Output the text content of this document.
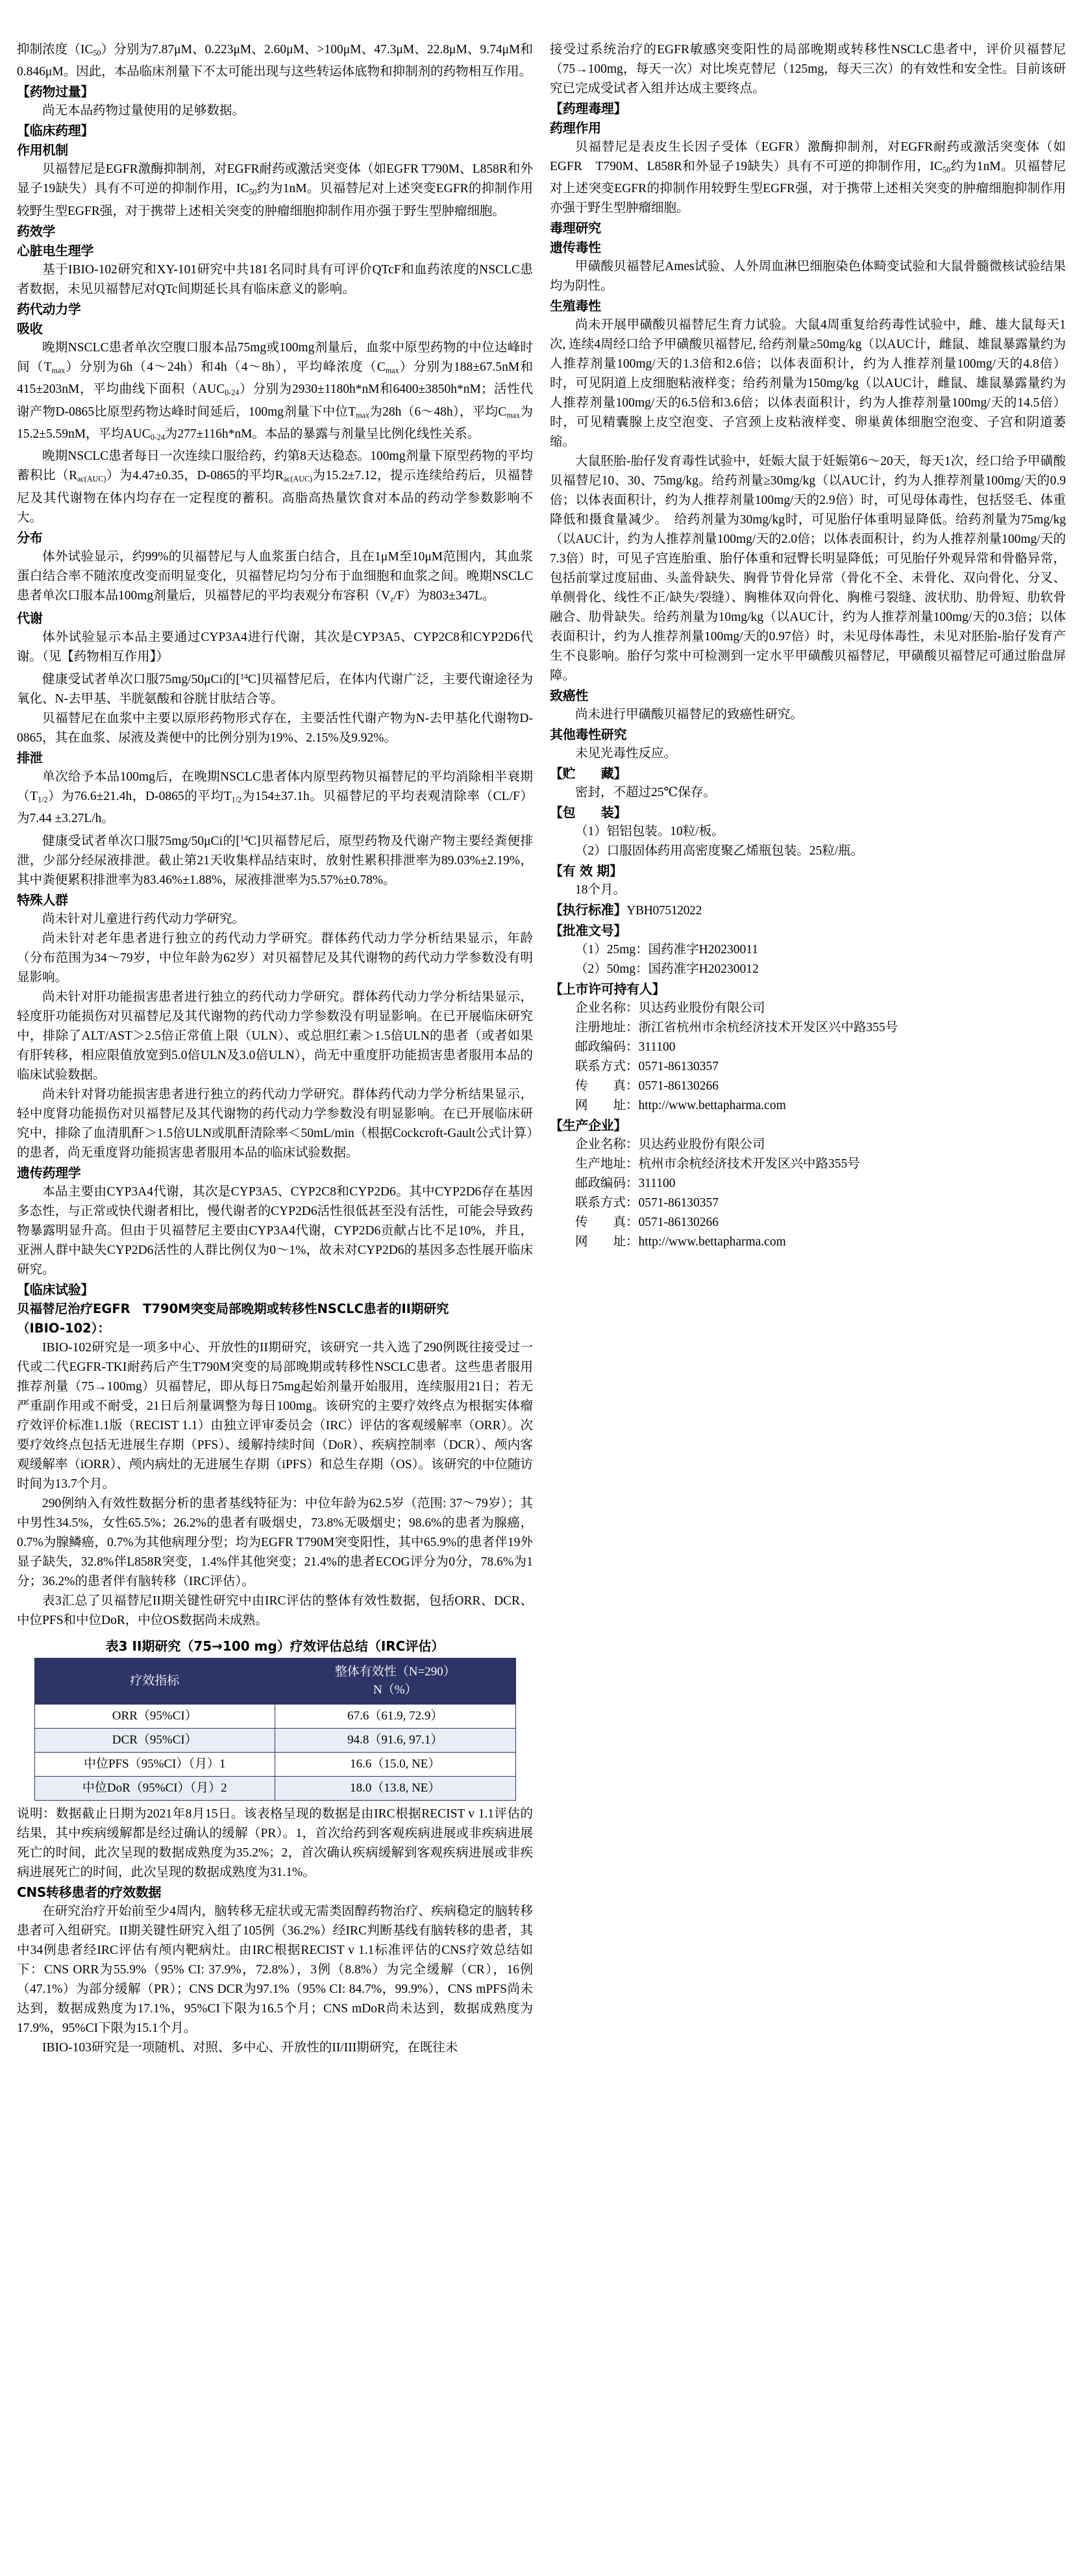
抑制浓度$(IC_{50})$分别为7.87μM、0.223μM、2.60μM、>100μM、47.3μM、22.8μM、9.74μM和0.846μM。因此，本品临床剂量下不太可能出现与这些转运体底物和抑制剂的药物相互作用。

【药物过量】

尚无本品药物过量使用的足够数据。

【临床药理】
作用机制

贝福替尼是EGFR激酶抑制剂，对EGFR耐药或激活突变体（如EGFR T790M、L858R和外显子19缺失）具有不可逆的抑制作用，$IC_{50}$约为1nM。贝福替尼对上述突变EGFR的抑制作用较野生型EGFR强，对于携带上述相关突变的肿瘤细胞抑制作用亦强于野生型肿瘤细胞。

药效学
心脏电生理学

基于IBIO-102研究和XY-101研究中共181名同时具有可评价QTcF和血药浓度的NSCLC患者数据，未见贝福替尼对QTc间期延长具有临床意义的影响。

药代动力学
吸收

晚期NSCLC患者单次空腹口服本品75mg或100mg剂量后，血浆中原型药物的中位达峰时间$(T_{max})$分别为6h（4～24h）和4h（4～8h），平均峰浓度$(C_{max})$分别为188±67.5nM和415±203nM，平均曲线下面积$(AUC_{0-24})$分别为2930±1180h*nM和6400±3850h*nM；活性代谢产物D-0865比原型药物达峰时间延后，100mg剂量下中位$T_{max}$为28h（6～48h），平均$C_{max}$为15.2±5.59nM，平均$AUC_{0-24}$为277±116h*nM。本品的暴露与剂量呈比例化线性关系。

晚期NSCLC患者每日一次连续口服给药，约第8天达稳态。100mg剂量下原型药物的平均蓄积比$(R_{ac(AUC)})$为4.47±0.35，D-0865的平均$R_{ac(AUC)}$为15.2±7.12，提示连续给药后，贝福替尼及其代谢物在体内均存在一定程度的蓄积。高脂高热量饮食对本品的药动学参数影响不大。

分布

体外试验显示，约99%的贝福替尼与人血浆蛋白结合，且在1μM至10μM范围内，其血浆蛋白结合率不随浓度改变而明显变化，贝福替尼均匀分布于血细胞和血浆之间。晚期NSCLC患者单次口服本品100mg剂量后，贝福替尼的平均表观分布容积$(V_z/F)$为803±347L。

代谢

体外试验显示本品主要通过CYP3A4进行代谢，其次是CYP3A5、CYP2C8和CYP2D6代谢。（见【药物相互作用】）

健康受试者单次口服75mg/50μCi的[$^{14}$C]贝福替尼后，在体内代谢广泛，主要代谢途径为氧化、N-去甲基、半胱氨酸和谷胱甘肽结合等。

贝福替尼在血浆中主要以原形药物形式存在，主要活性代谢产物为N-去甲基化代谢物D-0865，其在血浆、尿液及粪便中的比例分别为19%、2.15%及9.92%。

排泄

单次给予本品100mg后，在晚期NSCLC患者体内原型药物贝福替尼的平均消除相半衰期$(T_{1/2})$为76.6±21.4h，D-0865的平均$T_{1/2}$为154±37.1h。贝福替尼的平均表观清除率（CL/F）为7.44 ±3.27L/h。

健康受试者单次口服75mg/50μCi的[$^{14}$C]贝福替尼后，原型药物及代谢产物主要经粪便排泄，少部分经尿液排泄。截止第21天收集样品结束时，放射性累积排泄率为89.03%±2.19%，其中粪便累积排泄率为83.46%±1.88%，尿液排泄率为5.57%±0.78%。

特殊人群

尚未针对儿童进行药代动力学研究。

尚未针对老年患者进行独立的药代动力学研究。群体药代动力学分析结果显示，年龄（分布范围为34～79岁，中位年龄为62岁）对贝福替尼及其代谢物的药代动力学参数没有明显影响。

尚未针对肝功能损害患者进行独立的药代动力学研究。群体药代动力学分析结果显示，轻度肝功能损伤对贝福替尼及其代谢物的药代动力学参数没有明显影响。在已开展临床研究中，排除了ALT/AST＞2.5倍正常值上限（ULN）、或总胆红素＞1.5倍ULN的患者（或者如果有肝转移，相应限值放宽到5.0倍ULN及3.0倍ULN），尚无中重度肝功能损害患者服用本品的临床试验数据。

尚未针对肾功能损害患者进行独立的药代动力学研究。群体药代动力学分析结果显示，轻中度肾功能损伤对贝福替尼及其代谢物的药代动力学参数没有明显影响。在已开展临床研究中，排除了血清肌酐＞1.5倍ULN或肌酐清除率＜50mL/min（根据Cockcroft-Gault公式计算）的患者，尚无重度肾功能损害患者服用本品的临床试验数据。

遗传药理学

本品主要由CYP3A4代谢，其次是CYP3A5、CYP2C8和CYP2D6。其中CYP2D6存在基因多态性，与正常或快代谢者相比，慢代谢者的CYP2D6活性很低甚至没有活性，可能会导致药物暴露明显升高。但由于贝福替尼主要由CYP3A4代谢，CYP2D6贡献占比不足10%，并且，亚洲人群中缺失CYP2D6活性的人群比例仅为0～1%，故未对CYP2D6的基因多态性展开临床研究。

【临床试验】
贝福替尼治疗EGFR　T790M突变局部晚期或转移性NSCLC患者的II期研究
（IBIO-102）：

IBIO-102研究是一项多中心、开放性的II期研究，该研究一共入选了290例既往接受过一代或二代EGFR-TKI耐药后产生T790M突变的局部晚期或转移性NSCLC患者。这些患者服用推荐剂量（75→100mg）贝福替尼，即从每日75mg起始剂量开始服用，连续服用21日；若无严重副作用或不耐受，21日后剂量调整为每日100mg。该研究的主要疗效终点为根据实体瘤疗效评价标准1.1版（RECIST 1.1）由独立评审委员会（IRC）评估的客观缓解率（ORR）。次要疗效终点包括无进展生存期（PFS）、缓解持续时间（DoR）、疾病控制率（DCR）、颅内客观缓解率（iORR）、颅内病灶的无进展生存期（iPFS）和总生存期（OS）。该研究的中位随访时间为13.7个月。

290例纳入有效性数据分析的患者基线特征为：中位年龄为62.5岁（范围: 37～79岁）；其中男性34.5%，女性65.5%；26.2%的患者有吸烟史，73.8%无吸烟史；98.6%的患者为腺癌，0.7%为腺鳞癌，0.7%为其他病理分型；均为EGFR T790M突变阳性，其中65.9%的患者伴19外显子缺失，32.8%伴L858R突变，1.4%伴其他突变；21.4%的患者ECOG评分为0分，78.6%为1分；36.2%的患者伴有脑转移（IRC评估）。

表3汇总了贝福替尼II期关键性研究中由IRC评估的整体有效性数据，包括ORR、DCR、中位PFS和中位DoR，中位OS数据尚未成熟。

表3 II期研究（75→100 mg）疗效评估总结（IRC评估）
疗效指标	整体有效性（N=290）
N（%）

ORR（95%CI）	67.6（61.9, 72.9）
DCR（95%CI）	94.8（91.6, 97.1）
中位PFS（95%CI）（月）1	16.6（15.0, NE）
中位DoR（95%CI）（月）2	18.0（13.8, NE）

说明：数据截止日期为2021年8月15日。该表格呈现的数据是由IRC根据RECIST v 1.1评估的结果，其中疾病缓解都是经过确认的缓解（PR）。1，首次给药到客观疾病进展或非疾病进展死亡的时间，此次呈现的数据成熟度为35.2%；2，首次确认疾病缓解到客观疾病进展或非疾病进展死亡的时间，此次呈现的数据成熟度为31.1%。

CNS转移患者的疗效数据

在研究治疗开始前至少4周内，脑转移无症状或无需类固醇药物治疗、疾病稳定的脑转移患者可入组研究。II期关键性研究入组了105例（36.2%）经IRC判断基线有脑转移的患者，其中34例患者经IRC评估有颅内靶病灶。由IRC根据RECIST v 1.1标准评估的CNS疗效总结如下：CNS ORR为55.9%（95% CI: 37.9%，72.8%），3例（8.8%）为完全缓解（CR），16例（47.1%）为部分缓解（PR）；CNS DCR为97.1%（95% CI: 84.7%，99.9%），CNS mPFS尚未达到，数据成熟度为17.1%，95%CI下限为16.5个月；CNS mDoR尚未达到，数据成熟度为17.9%，95%CI下限为15.1个月。

IBIO-103研究是一项随机、对照、多中心、开放性的II/III期研究，在既往未

接受过系统治疗的EGFR敏感突变阳性的局部晚期或转移性NSCLC患者中，评价贝福替尼（75→100mg，每天一次）对比埃克替尼（125mg，每天三次）的有效性和安全性。目前该研究已完成受试者入组并达成主要终点。

【药理毒理】
药理作用

贝福替尼是表皮生长因子受体（EGFR）激酶抑制剂，对EGFR耐药或激活突变体（如EGFR　T790M、L858R和外显子19缺失）具有不可逆的抑制作用，$IC_{50}$约为1nM。贝福替尼对上述突变EGFR的抑制作用较野生型EGFR强，对于携带上述相关突变的肿瘤细胞抑制作用亦强于野生型肿瘤细胞。

毒理研究
遗传毒性

甲磺酸贝福替尼Ames试验、人外周血淋巴细胞染色体畸变试验和大鼠骨髓微核试验结果均为阴性。

生殖毒性

尚未开展甲磺酸贝福替尼生育力试验。大鼠4周重复给药毒性试验中，雌、雄大鼠每天1次, 连续4周经口给予甲磺酸贝福替尼, 给药剂量≥50mg/kg（以AUC计，雌鼠、雄鼠暴露量约为人推荐剂量100mg/天的1.3倍和2.6倍；以体表面积计，约为人推荐剂量100mg/天的4.8倍）时，可见阴道上皮细胞粘液样变；给药剂量为150mg/kg（以AUC计，雌鼠、雄鼠暴露量约为人推荐剂量100mg/天的6.5倍和3.6倍；以体表面积计，约为人推荐剂量100mg/天的14.5倍）时，可见精囊腺上皮空泡变、子宫颈上皮粘液样变、卵巢黄体细胞空泡变、子宫和阴道萎缩。

大鼠胚胎-胎仔发育毒性试验中，妊娠大鼠于妊娠第6～20天，每天1次，经口给予甲磺酸贝福替尼10、30、75mg/kg。给药剂量≥30mg/kg（以AUC计，约为人推荐剂量100mg/天的0.9倍；以体表面积计，约为人推荐剂量100mg/天的2.9倍）时，可见母体毒性，包括竖毛、体重降低和摄食量减少。　给药剂量为30mg/kg时，可见胎仔体重明显降低。给药剂量为75mg/kg（以AUC计，约为人推荐剂量100mg/天的2.0倍；以体表面积计，约为人推荐剂量100mg/天的7.3倍）时，可见子宫连胎重、胎仔体重和冠臀长明显降低；可见胎仔外观异常和骨骼异常，包括前掌过度屈曲、头盖骨缺失、胸骨节骨化异常（骨化不全、未骨化、双向骨化、分叉、单侧骨化、线性不正/缺失/裂缝）、胸椎体双向骨化、胸椎弓裂缝、波状肋、肋骨短、肋软骨融合、肋骨缺失。给药剂量为10mg/kg（以AUC计，约为人推荐剂量100mg/天的0.3倍；以体表面积计，约为人推荐剂量100mg/天的0.97倍）时，未见母体毒性，未见对胚胎-胎仔发育产生不良影响。胎仔匀浆中可检测到一定水平甲磺酸贝福替尼，甲磺酸贝福替尼可通过胎盘屏障。

致癌性

尚未进行甲磺酸贝福替尼的致癌性研究。

其他毒性研究

未见光毒性反应。

【贮　　藏】

密封，不超过25℃保存。

【包　　装】

（1）铝铝包装。10粒/板。

（2）口服固体药用高密度聚乙烯瓶包装。25粒/瓶。

【有 效 期】

18个月。

【执行标准】YBH07512022
【批准文号】

（1）25mg：国药准字H20230011

（2）50mg：国药准字H20230012

【上市许可持有人】

企业名称：贝达药业股份有限公司

注册地址：浙江省杭州市余杭经济技术开发区兴中路355号

邮政编码：311100

联系方式：0571-86130357

传　　真：0571-86130266

网　　址：http://www.bettapharma.com

【生产企业】

企业名称：贝达药业股份有限公司

生产地址：杭州市余杭经济技术开发区兴中路355号

邮政编码：311100

联系方式：0571-86130357

传　　真：0571-86130266

网　　址：http://www.bettapharma.com
